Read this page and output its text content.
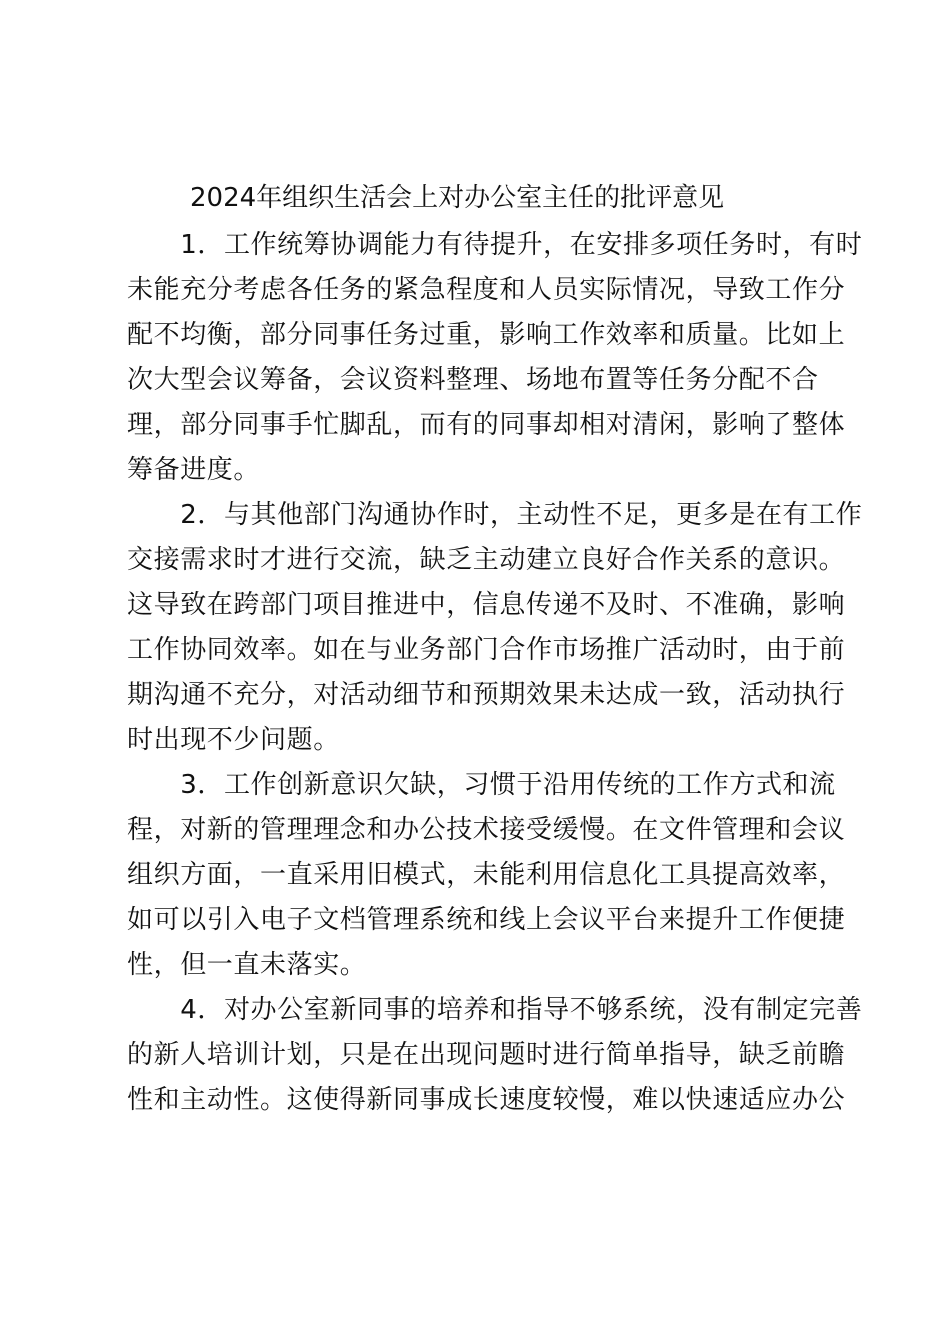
2024年组织生活会上对办公室主任的批评意见
　　1．工作统筹协调能力有待提升，在安排多项任务时，有时
未能充分考虑各任务的紧急程度和人员实际情况，导致工作分
配不均衡，部分同事任务过重，影响工作效率和质量。比如上
次大型会议筹备，会议资料整理、场地布置等任务分配不合
理，部分同事手忙脚乱，而有的同事却相对清闲，影响了整体
筹备进度。
　　2．与其他部门沟通协作时，主动性不足，更多是在有工作
交接需求时才进行交流，缺乏主动建立良好合作关系的意识。
这导致在跨部门项目推进中，信息传递不及时、不准确，影响
工作协同效率。如在与业务部门合作市场推广活动时，由于前
期沟通不充分，对活动细节和预期效果未达成一致，活动执行
时出现不少问题。
　　3．工作创新意识欠缺，习惯于沿用传统的工作方式和流
程，对新的管理理念和办公技术接受缓慢。在文件管理和会议
组织方面，一直采用旧模式，未能利用信息化工具提高效率，
如可以引入电子文档管理系统和线上会议平台来提升工作便捷
性，但一直未落实。
　　4．对办公室新同事的培养和指导不够系统，没有制定完善
的新人培训计划，只是在出现问题时进行简单指导，缺乏前瞻
性和主动性。这使得新同事成长速度较慢，难以快速适应办公
